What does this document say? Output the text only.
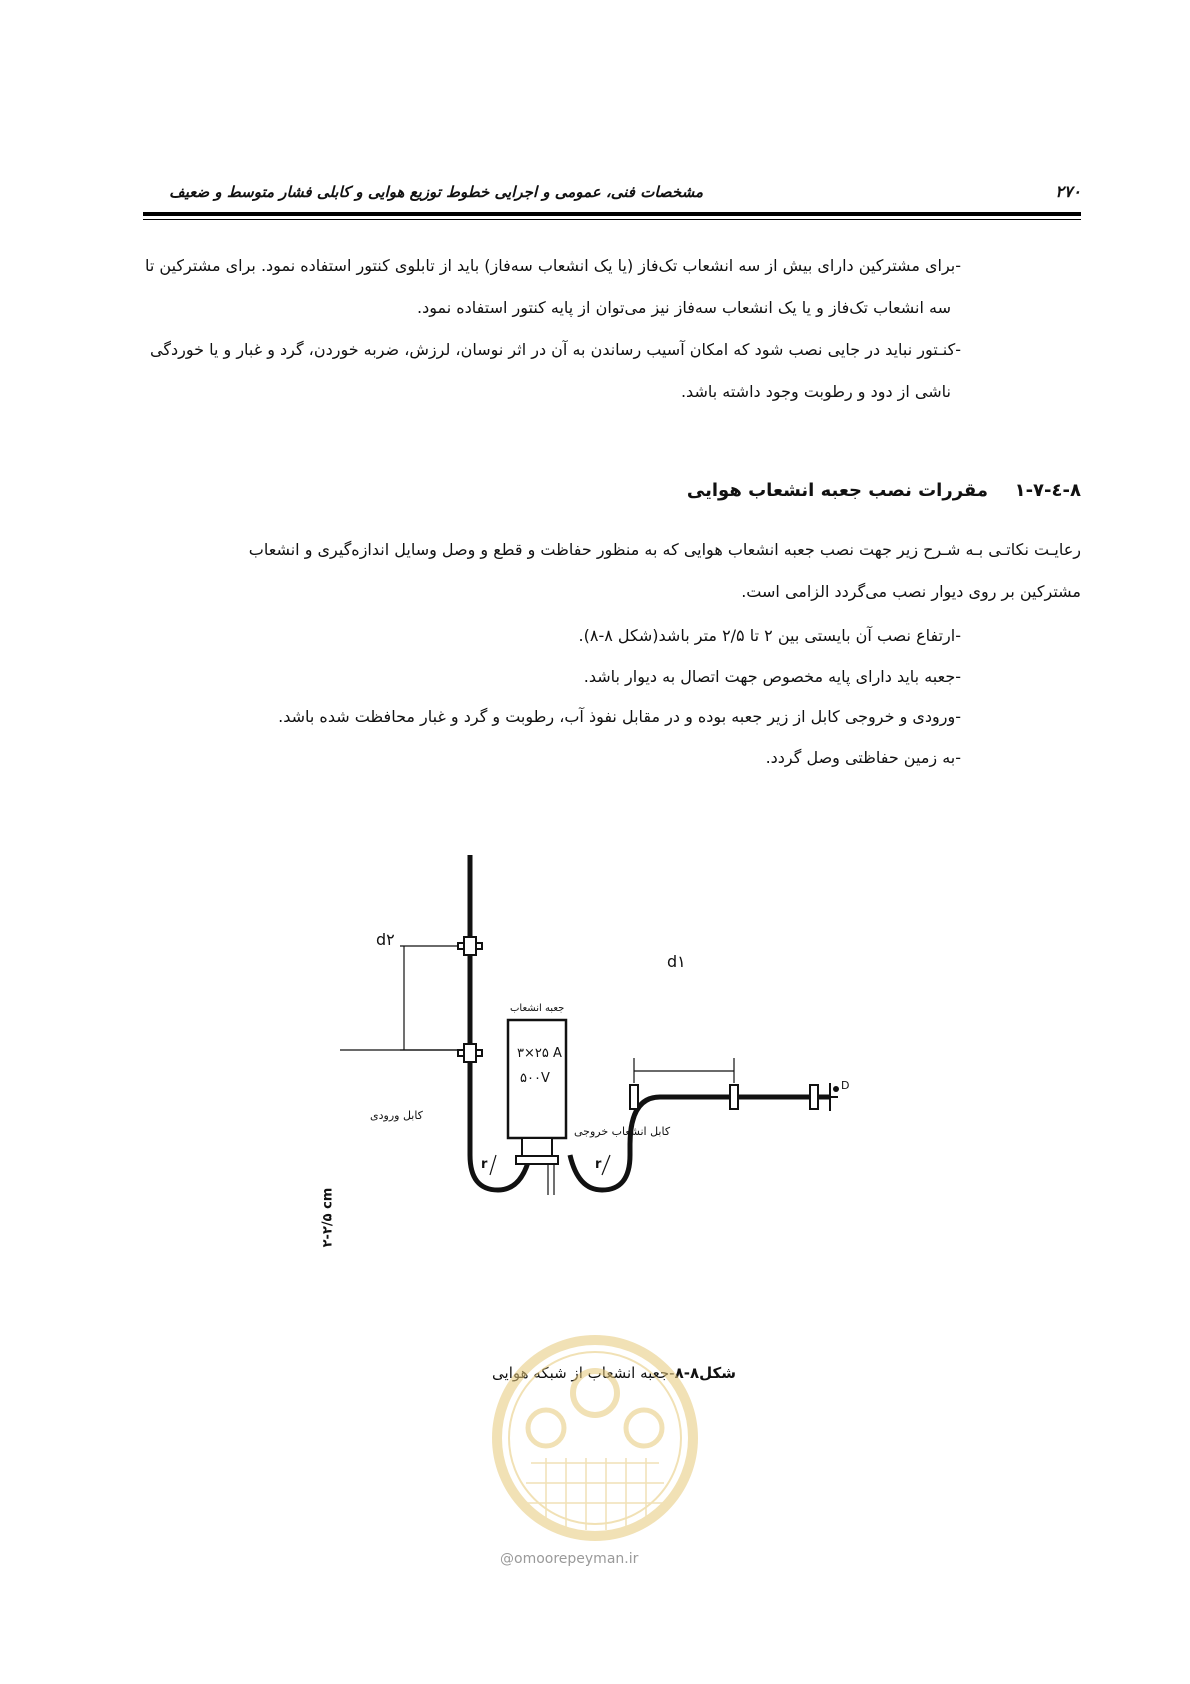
مشخصات فنی، عمومی و اجرایی خطوط توزیع هوایی و کابلی فشار متوسط و ضعیف	۲۷۰
-برای مشترکین دارای بیش از سه انشعاب تک‌فاز (یا یک انشعاب سه‌فاز) باید از تابلوی کنتور استفاده نمود. برای مشترکین تا
سه انشعاب تک‌فاز و یا یک انشعاب سه‌فاز نیز می‌توان از پایه کنتور استفاده نمود.
-کنـتور نباید در جایی نصب شود که امکان آسیب رساندن به آن در اثر نوسان، لرزش، ضربه خوردن، گرد و غبار و یا خوردگی
ناشی از دود و رطوبت وجود داشته باشد.
۸-٤-۱-۷  مقررات نصب جعبه انشعاب هوایی
رعایـت نکاتـی بـه شـرح زیر جهت نصب جعبه انشعاب هوایی که به منظور حفاظت و قطع و وصل وسایل اندازه‌گیری و انشعاب
مشترکین بر روی دیوار نصب می‌گردد الزامی است.
-ارتفاع نصب آن بایستی بین ۲ تا ۲/۵ متر باشد(شکل ۸-۸).
-جعبه باید دارای پایه مخصوص جهت اتصال به دیوار باشد.
-ورودی و خروجی کابل از زیر جعبه بوده و در مقابل نفوذ آب، رطوبت و گرد و غبار محافظت شده باشد.
-به زمین حفاظتی وصل گردد.
d۲
d۱
D
جعبه انشعاب
۳×۲۵ A
۵۰۰V
کابل ورودی
کابل انشعاب خروجی
r	r
۲-۲/۵ cm
شکل۸-۸-جعبه انشعاب از شبکه هوایی
@omoorepeyman.ir
